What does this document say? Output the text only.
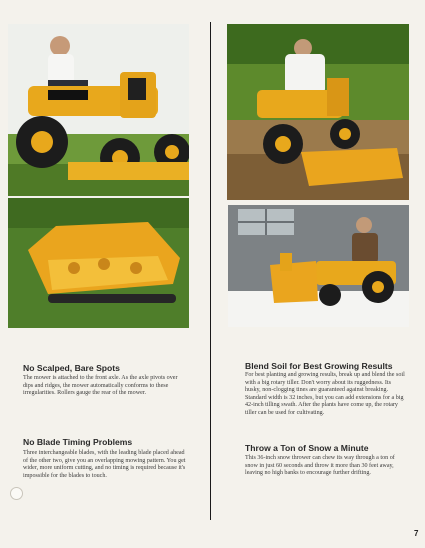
No Scalped, Bare Spots

The mower is attached to the front axle. As the axle pivots over dips and ridges, the mower automatically conforms to these irregularities. Rollers gauge the rear of the mower.

No Blade Timing Problems

Three interchangeable blades, with the leading blade placed ahead of the other two, give you an overlapping mowing pattern. You get wider, more uniform cutting, and no timing is required because it's impossible for the blades to touch.

Blend Soil for Best Growing Results

For best planting and growing results, break up and blend the soil with a big rotary tiller. Don't worry about its ruggedness. Its husky, non-clogging tines are guaranteed against breaking. Standard width is 32 inches, but you can add extensions for a big 42-inch tilling swath. After the plants have come up, the rotary tiller can be used for cultivating.

Throw a Ton of Snow a Minute

This 36-inch snow thrower can chew its way through a ton of snow in just 60 seconds and throw it more than 30 feet away, leaving no high banks to encourage further drifting.

7
